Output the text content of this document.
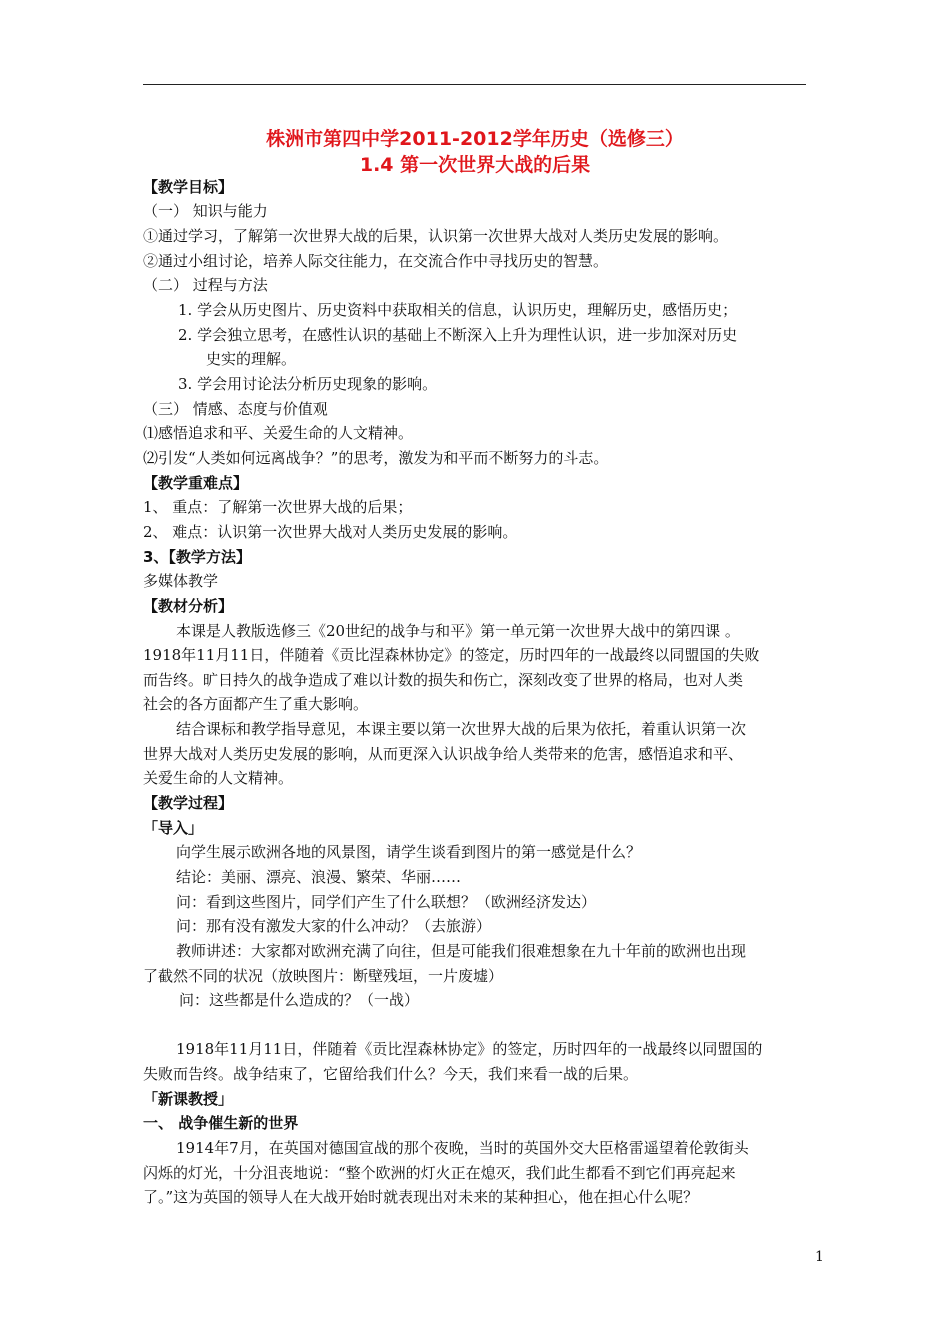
株洲市第四中学2011-2012学年历史（选修三）
1.4 第一次世界大战的后果
【教学目标】
（一） 知识与能力
①通过学习，了解第一次世界大战的后果，认识第一次世界大战对人类历史发展的影响。
②通过小组讨论，培养人际交往能力，在交流合作中寻找历史的智慧。
（二） 过程与方法
1. 学会从历史图片、历史资料中获取相关的信息，认识历史，理解历史，感悟历史；
2. 学会独立思考，在感性认识的基础上不断深入上升为理性认识，进一步加深对历史
史实的理解。
3. 学会用讨论法分析历史现象的影响。
（三） 情感、态度与价值观
⑴感悟追求和平、关爱生命的人文精神。
⑵引发“人类如何远离战争？”的思考，激发为和平而不断努力的斗志。
【教学重难点】
1、 重点：了解第一次世界大战的后果；
2、 难点：认识第一次世界大战对人类历史发展的影响。
3、【教学方法】
多媒体教学
【教材分析】
本课是人教版选修三《20世纪的战争与和平》第一单元第一次世界大战中的第四课 。
1918年11月11日，伴随着《贡比涅森林协定》的签定，历时四年的一战最终以同盟国的失败
而告终。旷日持久的战争造成了难以计数的损失和伤亡，深刻改变了世界的格局，也对人类
社会的各方面都产生了重大影响。
结合课标和教学指导意见，本课主要以第一次世界大战的后果为依托，着重认识第一次
世界大战对人类历史发展的影响，从而更深入认识战争给人类带来的危害，感悟追求和平、
关爱生命的人文精神。
【教学过程】
「导入」
向学生展示欧洲各地的风景图，请学生谈看到图片的第一感觉是什么？
结论：美丽、漂亮、浪漫、繁荣、华丽……
问：看到这些图片，同学们产生了什么联想？（欧洲经济发达）
问：那有没有激发大家的什么冲动？（去旅游）
教师讲述：大家都对欧洲充满了向往，但是可能我们很难想象在九十年前的欧洲也出现
了截然不同的状况（放映图片：断壁残垣，一片废墟）
问：这些都是什么造成的？（一战）
1918年11月11日，伴随着《贡比涅森林协定》的签定，历时四年的一战最终以同盟国的
失败而告终。战争结束了，它留给我们什么？今天，我们来看一战的后果。
「新课教授」
一、 战争催生新的世界
1914年7月，在英国对德国宣战的那个夜晚，当时的英国外交大臣格雷遥望着伦敦街头
闪烁的灯光，十分沮丧地说：“整个欧洲的灯火正在熄灭，我们此生都看不到它们再亮起来
了。”这为英国的领导人在大战开始时就表现出对未来的某种担心，他在担心什么呢？
1
